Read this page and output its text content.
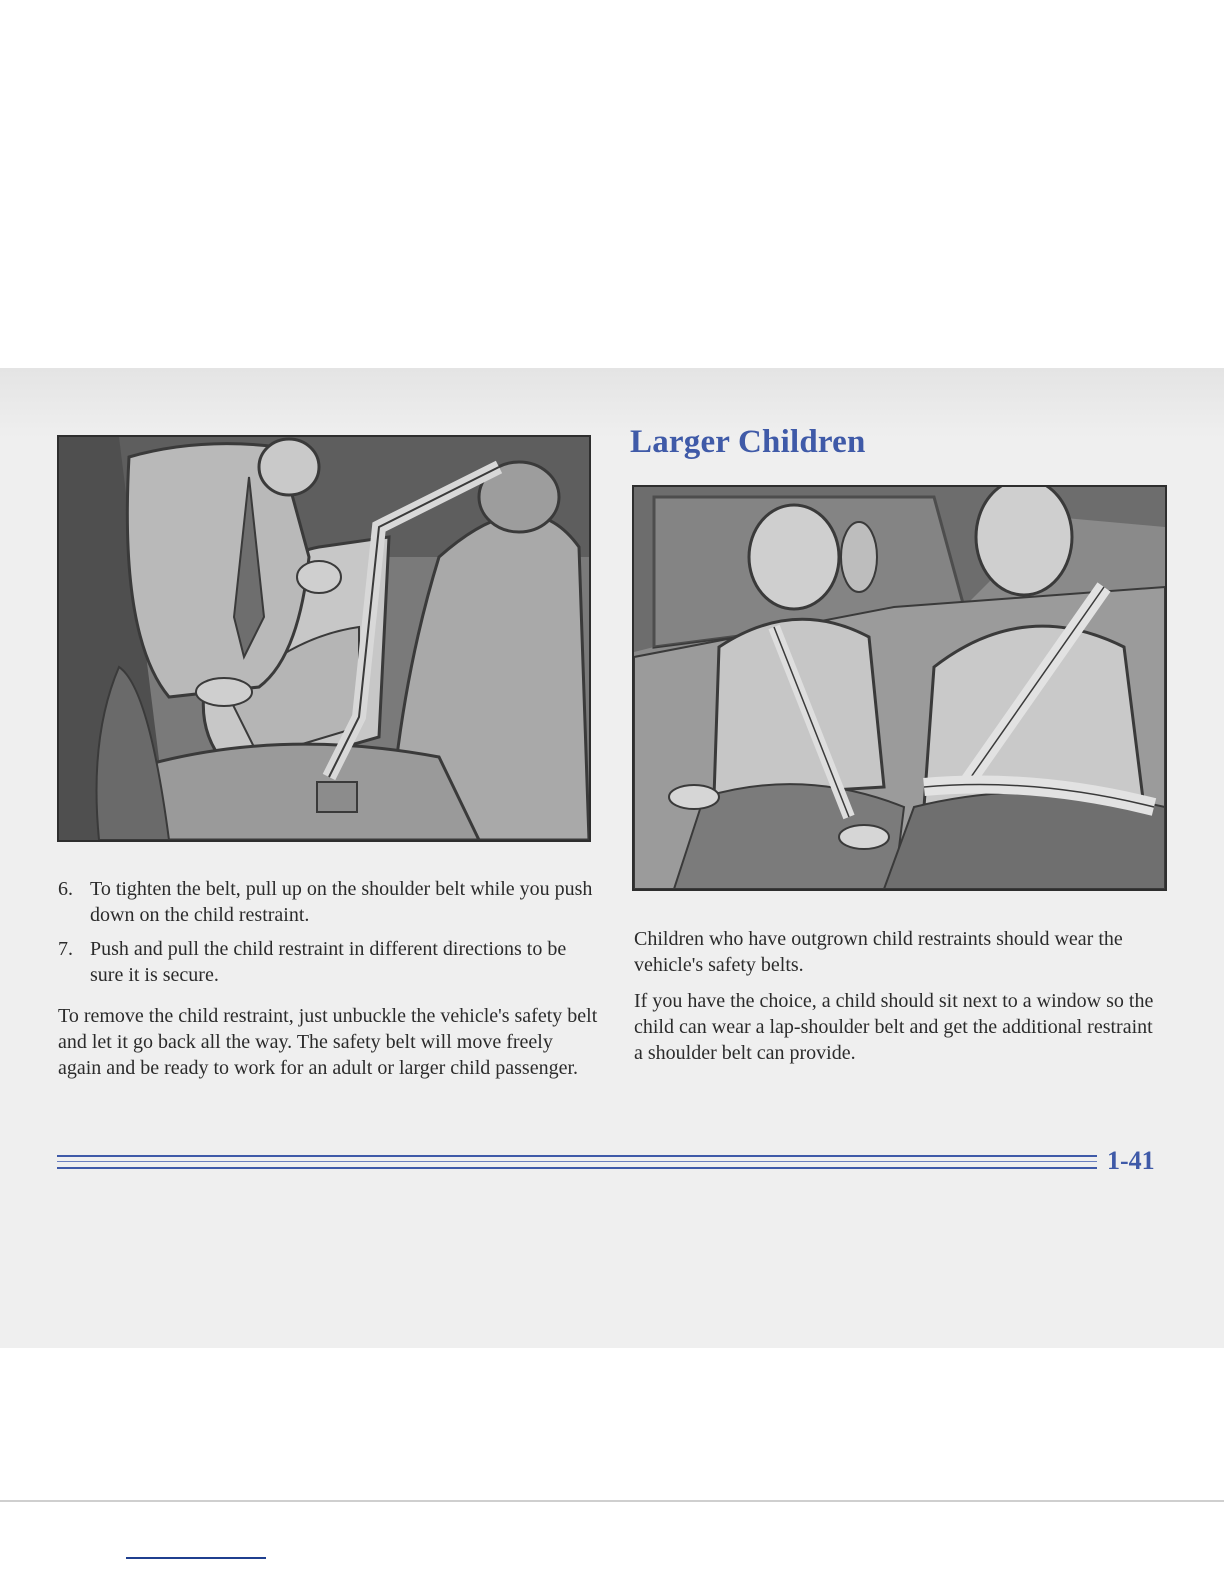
Larger Children
6. To tighten the belt, pull up on the shoulder belt while you push down on the child restraint.
7. Push and pull the child restraint in different directions to be sure it is secure.

To remove the child restraint, just unbuckle the vehicle's safety belt and let it go back all the way. The safety belt will move freely again and be ready to work for an adult or larger child passenger.

Children who have outgrown child restraints should wear the vehicle's safety belts.

If you have the choice, a child should sit next to a window so the child can wear a lap-shoulder belt and get the additional restraint a shoulder belt can provide.

1-41
